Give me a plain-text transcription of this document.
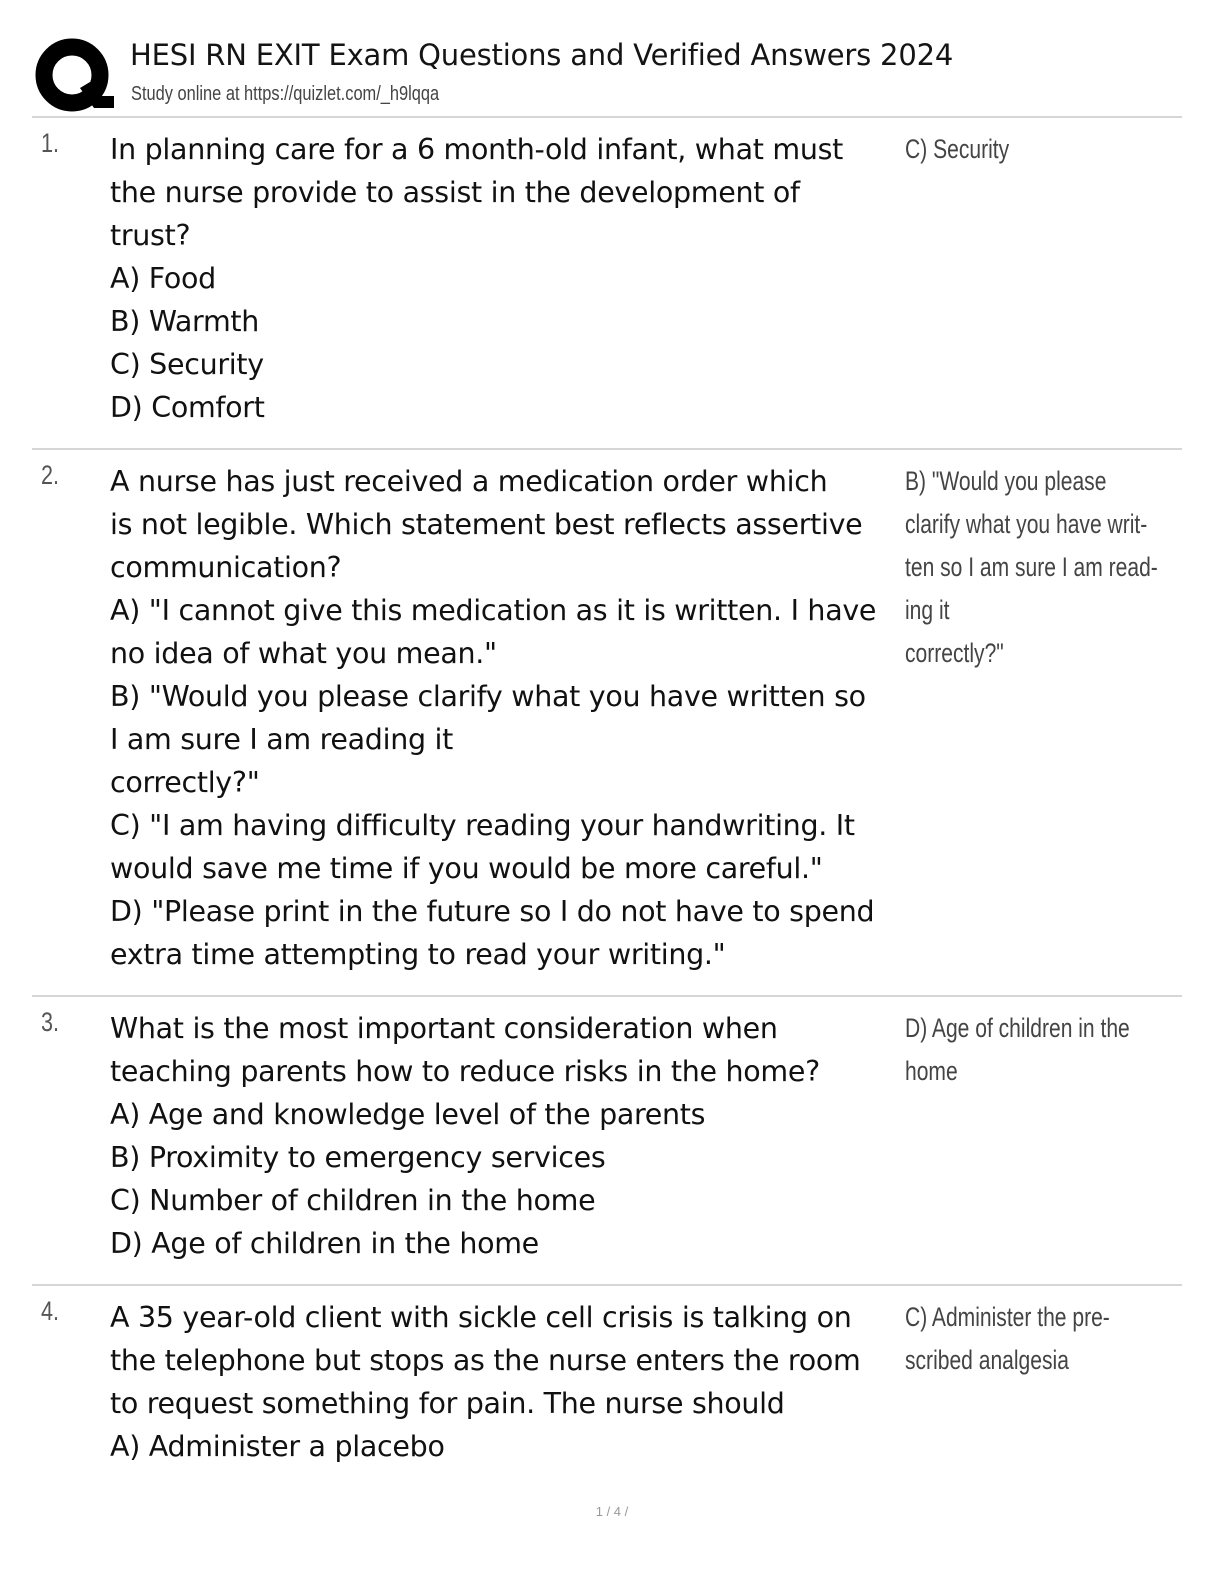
HESI RN EXIT Exam Questions and Verified Answers 2024
Study online at https://quizlet.com/_h9lqqa
1. In planning care for a 6 month-old infant, what must
the nurse provide to assist in the development of
trust?
A) Food
B) Warmth
C) Security
D) Comfort
C) Security
2. A nurse has just received a medication order which
is not legible. Which statement best reflects assertive
communication?
A) "I cannot give this medication as it is written. I have
no idea of what you mean."
B) "Would you please clarify what you have written so
I am sure I am reading it
correctly?"
C) "I am having difficulty reading your handwriting. It
would save me time if you would be more careful."
D) "Please print in the future so I do not have to spend
extra time attempting to read your writing."
B) "Would you please
clarify what you have writ-
ten so I am sure I am read-
ing it
correctly?"
3. What is the most important consideration when
teaching parents how to reduce risks in the home?
A) Age and knowledge level of the parents
B) Proximity to emergency services
C) Number of children in the home
D) Age of children in the home
D) Age of children in the
home
4. A 35 year-old client with sickle cell crisis is talking on
the telephone but stops as the nurse enters the room
to request something for pain. The nurse should
A) Administer a placebo
C) Administer the pre-
scribed analgesia
1 / 4 /
